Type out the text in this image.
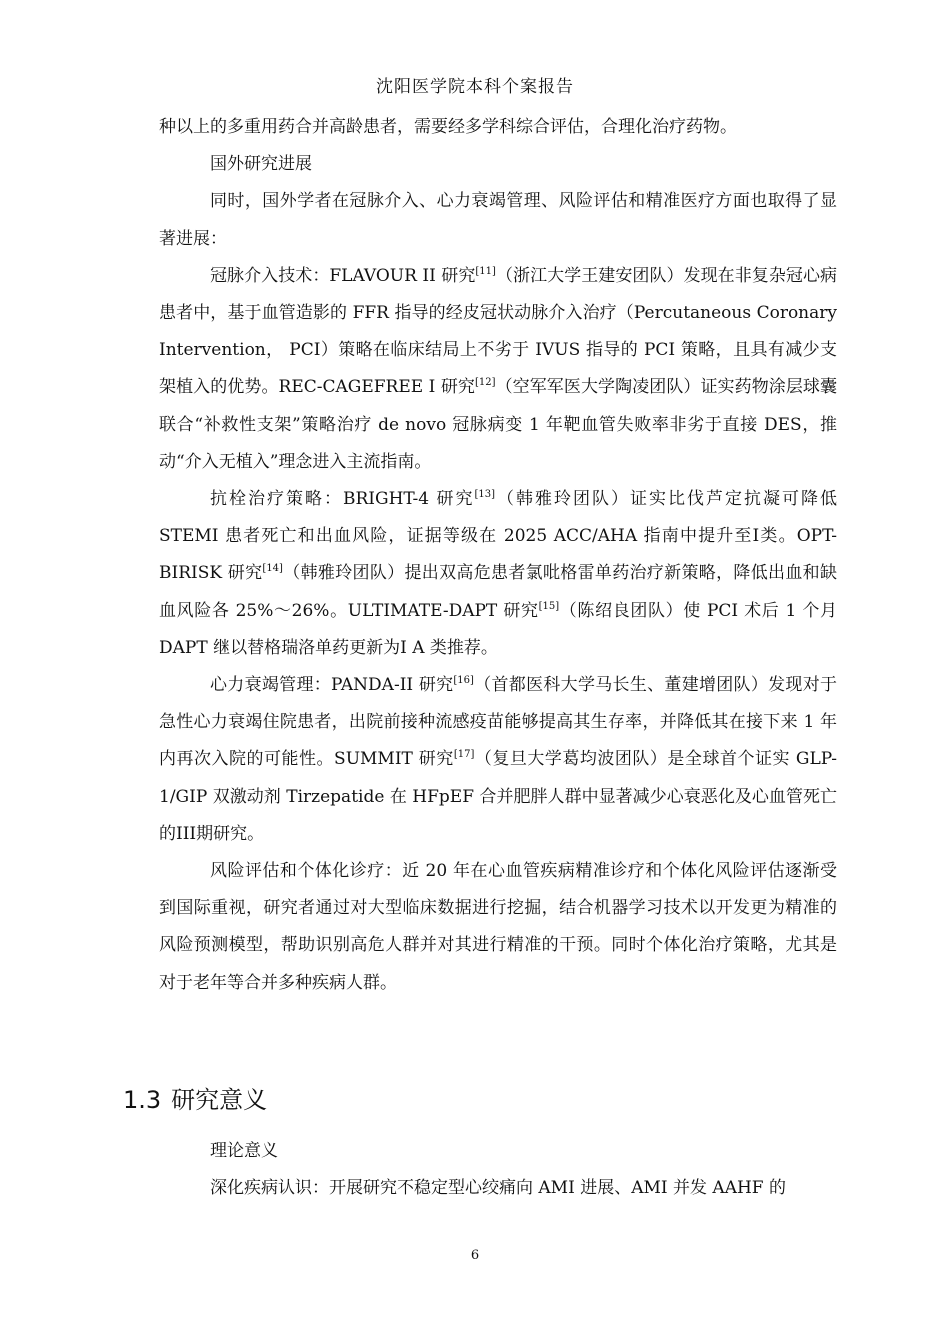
沈阳医学院本科个案报告

种以上的多重用药合并高龄患者，需要经多学科综合评估，合理化治疗药物。

国外研究进展

同时，国外学者在冠脉介入、心力衰竭管理、风险评估和精准医疗方面也取得了显著进展：

冠脉介入技术：FLAVOUR II 研究[11]（浙江大学王建安团队）发现在非复杂冠心病患者中，基于血管造影的 FFR 指导的经皮冠状动脉介入治疗（Percutaneous Coronary Intervention， PCI）策略在临床结局上不劣于 IVUS 指导的 PCI 策略，且具有减少支架植入的优势。REC-CAGEFREE I 研究[12]（空军军医大学陶凌团队）证实药物涂层球囊联合“补救性支架”策略治疗 de novo 冠脉病变 1 年靶血管失败率非劣于直接 DES，推动“介入无植入”理念进入主流指南。

抗栓治疗策略：BRIGHT-4 研究[13]（韩雅玲团队）证实比伐芦定抗凝可降低 STEMI 患者死亡和出血风险，证据等级在 2025 ACC/AHA 指南中提升至Ⅰ类。OPT-BIRISK 研究[14]（韩雅玲团队）提出双高危患者氯吡格雷单药治疗新策略，降低出血和缺血风险各 25%～26%。ULTIMATE-DAPT 研究[15]（陈绍良团队）使 PCI 术后 1 个月 DAPT 继以替格瑞洛单药更新为Ⅰ A 类推荐。

心力衰竭管理：PANDA-II 研究[16]（首都医科大学马长生、董建增团队）发现对于急性心力衰竭住院患者，出院前接种流感疫苗能够提高其生存率，并降低其在接下来 1 年内再次入院的可能性。SUMMIT 研究[17]（复旦大学葛均波团队）是全球首个证实 GLP-1/GIP 双激动剂 Tirzepatide 在 HFpEF 合并肥胖人群中显著减少心衰恶化及心血管死亡的III期研究。

风险评估和个体化诊疗：近 20 年在心血管疾病精准诊疗和个体化风险评估逐渐受到国际重视，研究者通过对大型临床数据进行挖掘，结合机器学习技术以开发更为精准的风险预测模型，帮助识别高危人群并对其进行精准的干预。同时个体化治疗策略，尤其是对于老年等合并多种疾病人群。

1.3 研究意义

理论意义

深化疾病认识：开展研究不稳定型心绞痛向 AMI 进展、AMI 并发 AAHF 的

6
